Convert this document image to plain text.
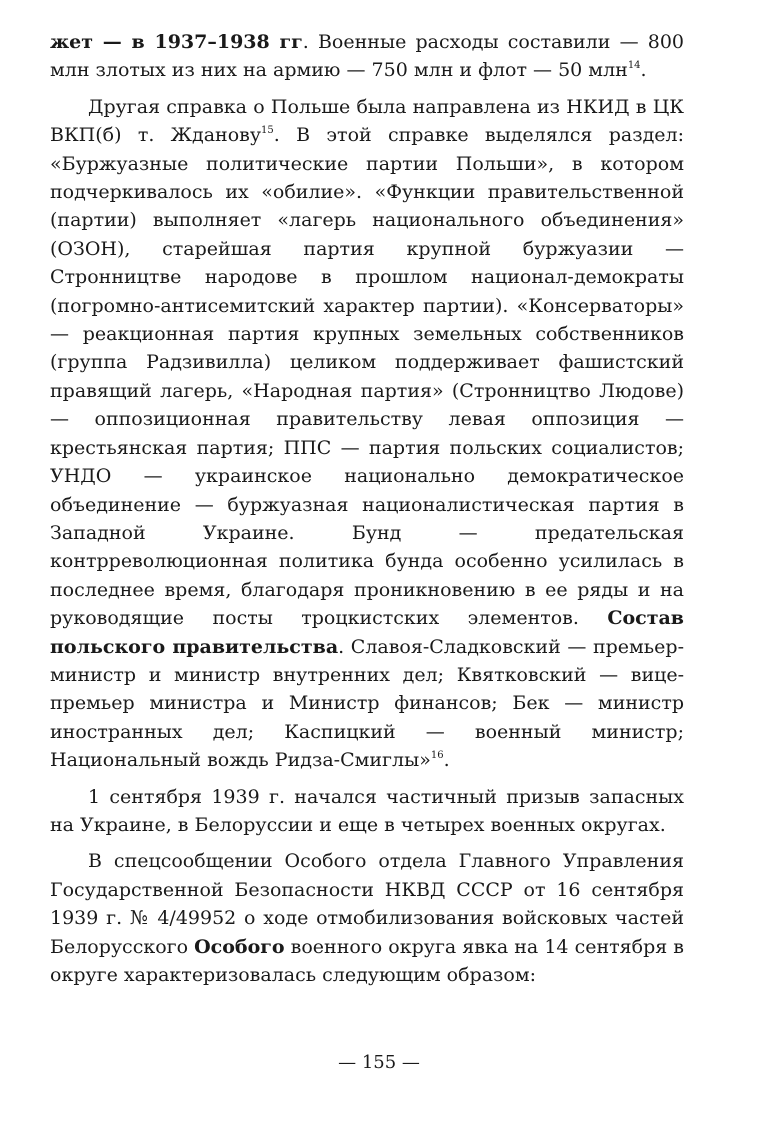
жет — в 1937–1938 гг. Военные расходы составили — 800 млн злотых из них на армию — 750 млн и флот — 50 млн$^{14}$.

Другая справка о Польше была направлена из НКИД в ЦК ВКП(б) т. Жданову$^{15}$. В этой справке выделялся раздел: «Буржуазные политические партии Польши», в котором подчеркивалось их «обилие». «Функции правительственной (партии) выполняет «лагерь национального объединения» (ОЗОН), старейшая партия крупной буржуазии — Стронництве народове в прошлом национал-демократы (погромно-антисемитский характер партии). «Консерваторы» — реакционная партия крупных земельных собственников (группа Радзивилла) целиком поддерживает фашистский правящий лагерь, «Народная партия» (Стронництво Людове) — оппозиционная правительству левая оппозиция — крестьянская партия; ППС — партия польских социалистов; УНДО — украинское национально демократическое объединение — буржуазная националистическая партия в Западной Украине. Бунд — предательская контрреволюционная политика бунда особенно усилилась в последнее время, благодаря проникновению в ее ряды и на руководящие посты троцкистских элементов. Состав польского правительства. Славоя-Сладковский — премьер-министр и министр внутренних дел; Квятковский — вице-премьер министра и Министр финансов; Бек — министр иностранных дел; Каспицкий — военный министр; Национальный вождь Ридза-Смиглы»$^{16}$.

1 сентября 1939 г. начался частичный призыв запасных на Украине, в Белоруссии и еще в четырех военных округах.

В спецсообщении Особого отдела Главного Управления Государственной Безопасности НКВД СССР от 16 сентября 1939 г. № 4/49952 о ходе отмобилизования войсковых частей Белорусского Особого военного округа явка на 14 сентября в округе характеризовалась следующим образом:

— 155 —
